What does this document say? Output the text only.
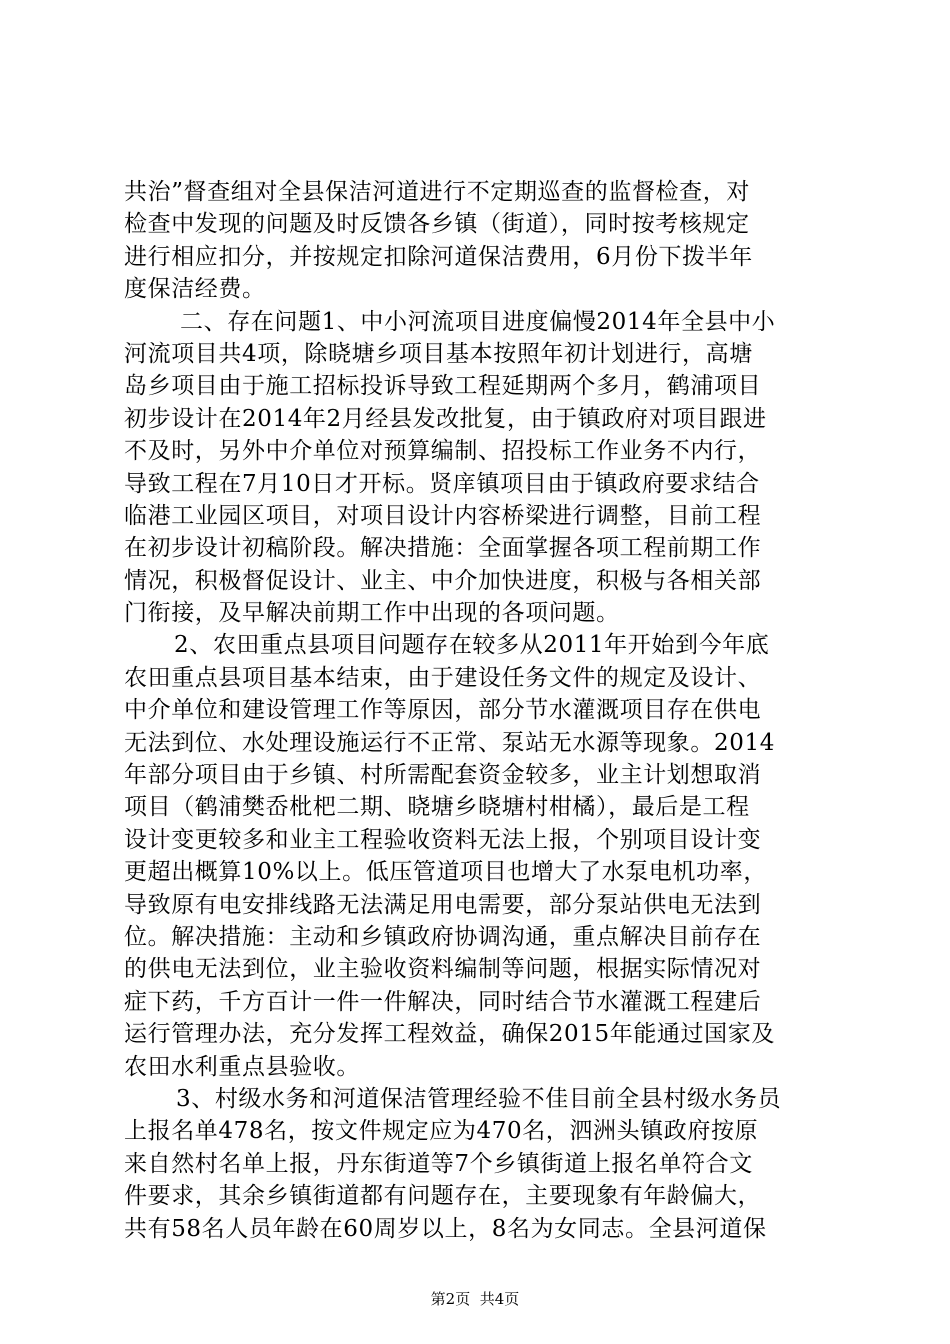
共治”督查组对全县保洁河道进行不定期巡查的监督检查，对
检查中发现的问题及时反馈各乡镇（街道），同时按考核规定
进行相应扣分，并按规定扣除河道保洁费用，6月份下拨半年
度保洁经费。
二、存在问题1、中小河流项目进度偏慢2014年全县中小
河流项目共4项，除晓塘乡项目基本按照年初计划进行，高塘
岛乡项目由于施工招标投诉导致工程延期两个多月，鹤浦项目
初步设计在2014年2月经县发改批复，由于镇政府对项目跟进
不及时，另外中介单位对预算编制、招投标工作业务不内行，
导致工程在7月10日才开标。贤庠镇项目由于镇政府要求结合
临港工业园区项目，对项目设计内容桥梁进行调整，目前工程
在初步设计初稿阶段。解决措施：全面掌握各项工程前期工作
情况，积极督促设计、业主、中介加快进度，积极与各相关部
门衔接，及早解决前期工作中出现的各项问题。
2、农田重点县项目问题存在较多从2011年开始到今年底
农田重点县项目基本结束，由于建设任务文件的规定及设计、
中介单位和建设管理工作等原因，部分节水灌溉项目存在供电
无法到位、水处理设施运行不正常、泵站无水源等现象。2014
年部分项目由于乡镇、村所需配套资金较多，业主计划想取消
项目（鹤浦樊岙枇杷二期、晓塘乡晓塘村柑橘），最后是工程
设计变更较多和业主工程验收资料无法上报，个别项目设计变
更超出概算10%以上。低压管道项目也增大了水泵电机功率，
导致原有电安排线路无法满足用电需要，部分泵站供电无法到
位。解决措施：主动和乡镇政府协调沟通，重点解决目前存在
的供电无法到位，业主验收资料编制等问题，根据实际情况对
症下药，千方百计一件一件解决，同时结合节水灌溉工程建后
运行管理办法，充分发挥工程效益，确保2015年能通过国家及
农田水利重点县验收。
3、村级水务和河道保洁管理经验不佳目前全县村级水务员
上报名单478名，按文件规定应为470名，泗洲头镇政府按原
来自然村名单上报，丹东街道等7个乡镇街道上报名单符合文
件要求，其余乡镇街道都有问题存在，主要现象有年龄偏大，
共有58名人员年龄在60周岁以上，8名为女同志。全县河道保
第2页 共4页
